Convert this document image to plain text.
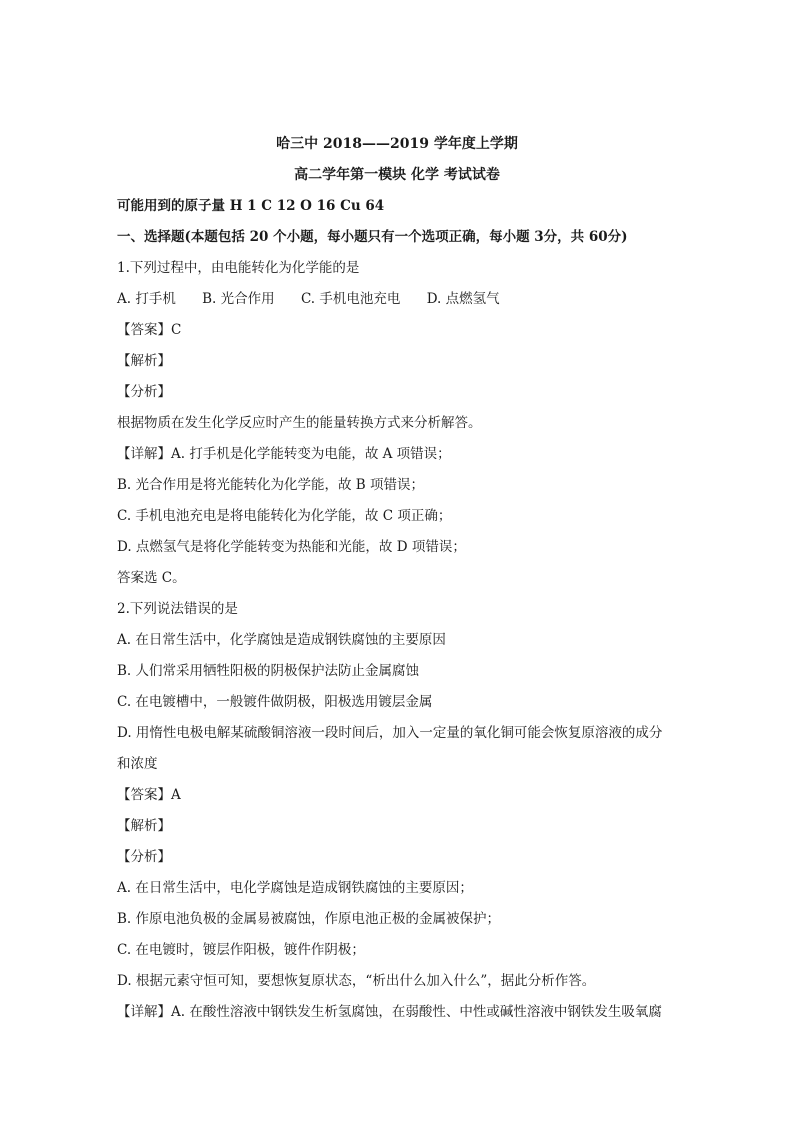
哈三中 2018——2019 学年度上学期
高二学年第一模块 化学 考试试卷
可能用到的原子量 H 1 C 12 O 16 Cu 64
一、选择题(本题包括 20 个小题，每小题只有一个选项正确，每小题 3分，共 60分)
1.下列过程中，由电能转化为化学能的是
A. 打手机 B. 光合作用 C. 手机电池充电 D. 点燃氢气
【答案】C
【解析】
【分析】
根据物质在发生化学反应时产生的能量转换方式来分析解答。
【详解】A. 打手机是化学能转变为电能，故 A 项错误；
B. 光合作用是将光能转化为化学能，故 B 项错误；
C. 手机电池充电是将电能转化为化学能，故 C 项正确；
D. 点燃氢气是将化学能转变为热能和光能，故 D 项错误；
答案选 C。
2.下列说法错误的是
A. 在日常生活中，化学腐蚀是造成钢铁腐蚀的主要原因
B. 人们常采用牺牲阳极的阴极保护法防止金属腐蚀
C. 在电镀槽中，一般镀件做阴极，阳极选用镀层金属
D. 用惰性电极电解某硫酸铜溶液一段时间后，加入一定量的氧化铜可能会恢复原溶液的成分
和浓度
【答案】A
【解析】
【分析】
A. 在日常生活中，电化学腐蚀是造成钢铁腐蚀的主要原因；
B. 作原电池负极的金属易被腐蚀，作原电池正极的金属被保护；
C. 在电镀时，镀层作阳极，镀件作阴极；
D. 根据元素守恒可知，要想恢复原状态，“析出什么加入什么”，据此分析作答。
【详解】A. 在酸性溶液中钢铁发生析氢腐蚀，在弱酸性、中性或碱性溶液中钢铁发生吸氧腐
